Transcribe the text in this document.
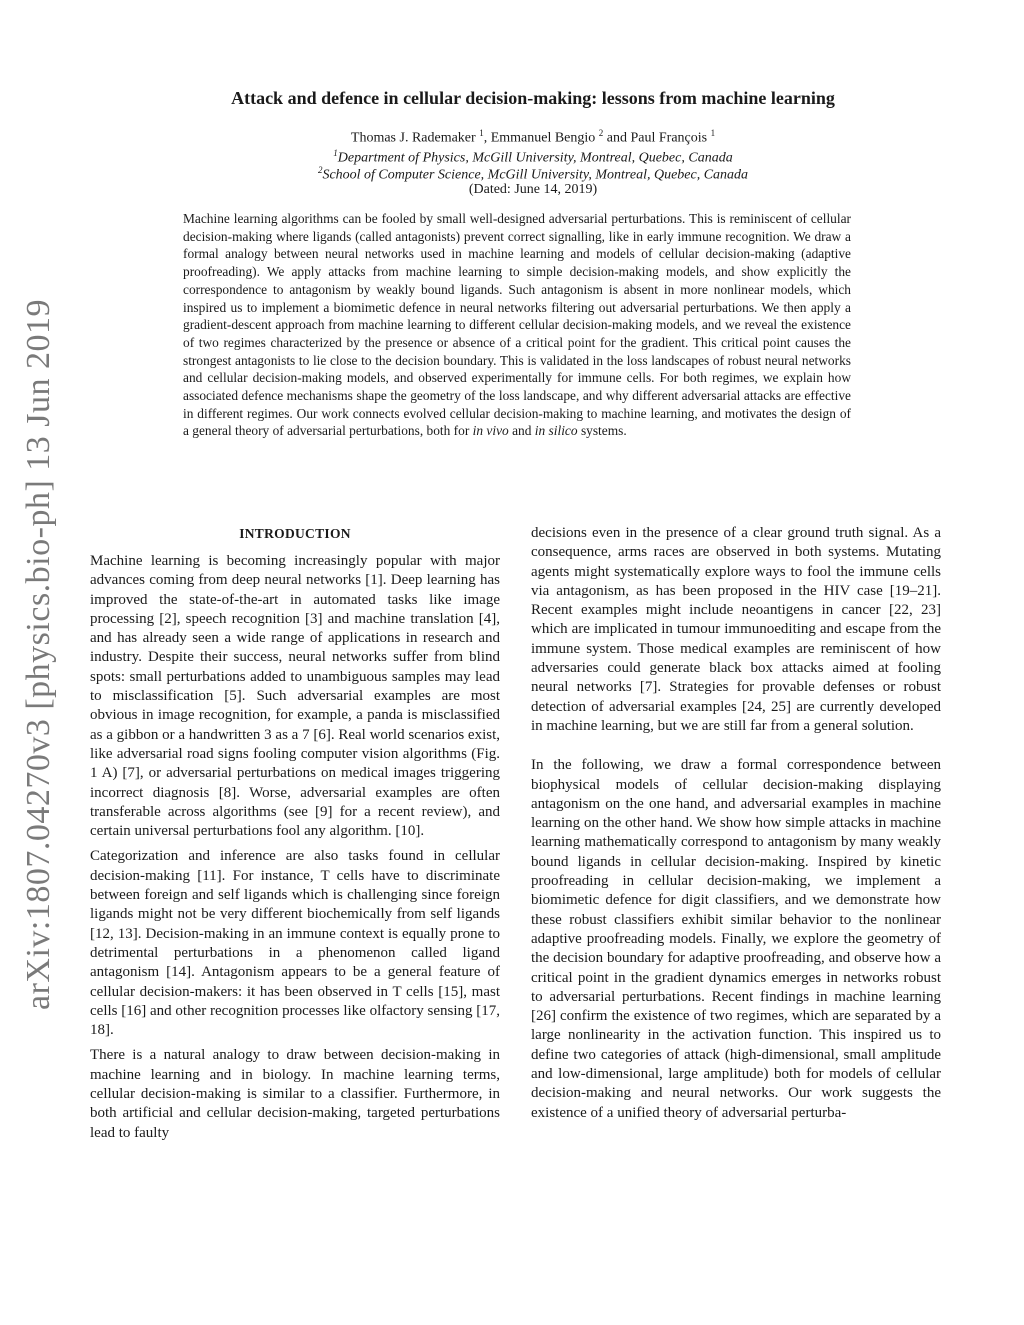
arXiv:1807.04270v3 [physics.bio-ph] 13 Jun 2019
Attack and defence in cellular decision-making: lessons from machine learning
Thomas J. Rademaker $^1$, Emmanuel Bengio $^2$ and Paul François $^1$
$^1$Department of Physics, McGill University, Montreal, Quebec, Canada
$^2$School of Computer Science, McGill University, Montreal, Quebec, Canada
(Dated: June 14, 2019)

Machine learning algorithms can be fooled by small well-designed adversarial perturbations. This is reminiscent of cellular decision-making where ligands (called antagonists) prevent correct signalling, like in early immune recognition. We draw a formal analogy between neural networks used in machine learning and models of cellular decision-making (adaptive proofreading). We apply attacks from machine learning to simple decision-making models, and show explicitly the correspondence to antagonism by weakly bound ligands. Such antagonism is absent in more nonlinear models, which inspired us to implement a biomimetic defence in neural networks filtering out adversarial perturbations. We then apply a gradient-descent approach from machine learning to different cellular decision-making models, and we reveal the existence of two regimes characterized by the presence or absence of a critical point for the gradient. This critical point causes the strongest antagonists to lie close to the decision boundary. This is validated in the loss landscapes of robust neural networks and cellular decision-making models, and observed experimentally for immune cells. For both regimes, we explain how associated defence mechanisms shape the geometry of the loss landscape, and why different adversarial attacks are effective in different regimes. Our work connects evolved cellular decision-making to machine learning, and motivates the design of a general theory of adversarial perturbations, both for in vivo and in silico systems.

INTRODUCTION

Machine learning is becoming increasingly popular with major advances coming from deep neural networks [1]. Deep learning has improved the state-of-the-art in automated tasks like image processing [2], speech recognition [3] and machine translation [4], and has already seen a wide range of applications in research and industry. Despite their success, neural networks suffer from blind spots: small perturbations added to unambiguous samples may lead to misclassification [5]. Such adversarial examples are most obvious in image recognition, for example, a panda is misclassified as a gibbon or a handwritten 3 as a 7 [6]. Real world scenarios exist, like adversarial road signs fooling computer vision algorithms (Fig. 1 A) [7], or adversarial perturbations on medical images triggering incorrect diagnosis [8]. Worse, adversarial examples are often transferable across algorithms (see [9] for a recent review), and certain universal perturbations fool any algorithm. [10].

Categorization and inference are also tasks found in cellular decision-making [11]. For instance, T cells have to discriminate between foreign and self ligands which is challenging since foreign ligands might not be very different biochemically from self ligands [12, 13]. Decision-making in an immune context is equally prone to detrimental perturbations in a phenomenon called ligand antagonism [14]. Antagonism appears to be a general feature of cellular decision-makers: it has been observed in T cells [15], mast cells [16] and other recognition processes like olfactory sensing [17, 18].

There is a natural analogy to draw between decision-making in machine learning and in biology. In machine learning terms, cellular decision-making is similar to a classifier. Furthermore, in both artificial and cellular decision-making, targeted perturbations lead to faulty

decisions even in the presence of a clear ground truth signal. As a consequence, arms races are observed in both systems. Mutating agents might systematically explore ways to fool the immune cells via antagonism, as has been proposed in the HIV case [19–21]. Recent examples might include neoantigens in cancer [22, 23] which are implicated in tumour immunoediting and escape from the immune system. Those medical examples are reminiscent of how adversaries could generate black box attacks aimed at fooling neural networks [7]. Strategies for provable defenses or robust detection of adversarial examples [24, 25] are currently developed in machine learning, but we are still far from a general solution.

In the following, we draw a formal correspondence between biophysical models of cellular decision-making displaying antagonism on the one hand, and adversarial examples in machine learning on the other hand. We show how simple attacks in machine learning mathematically correspond to antagonism by many weakly bound ligands in cellular decision-making. Inspired by kinetic proofreading in cellular decision-making, we implement a biomimetic defence for digit classifiers, and we demonstrate how these robust classifiers exhibit similar behavior to the nonlinear adaptive proofreading models. Finally, we explore the geometry of the decision boundary for adaptive proofreading, and observe how a critical point in the gradient dynamics emerges in networks robust to adversarial perturbations. Recent findings in machine learning [26] confirm the existence of two regimes, which are separated by a large nonlinearity in the activation function. This inspired us to define two categories of attack (high-dimensional, small amplitude and low-dimensional, large amplitude) both for models of cellular decision-making and neural networks. Our work suggests the existence of a unified theory of adversarial perturba-
